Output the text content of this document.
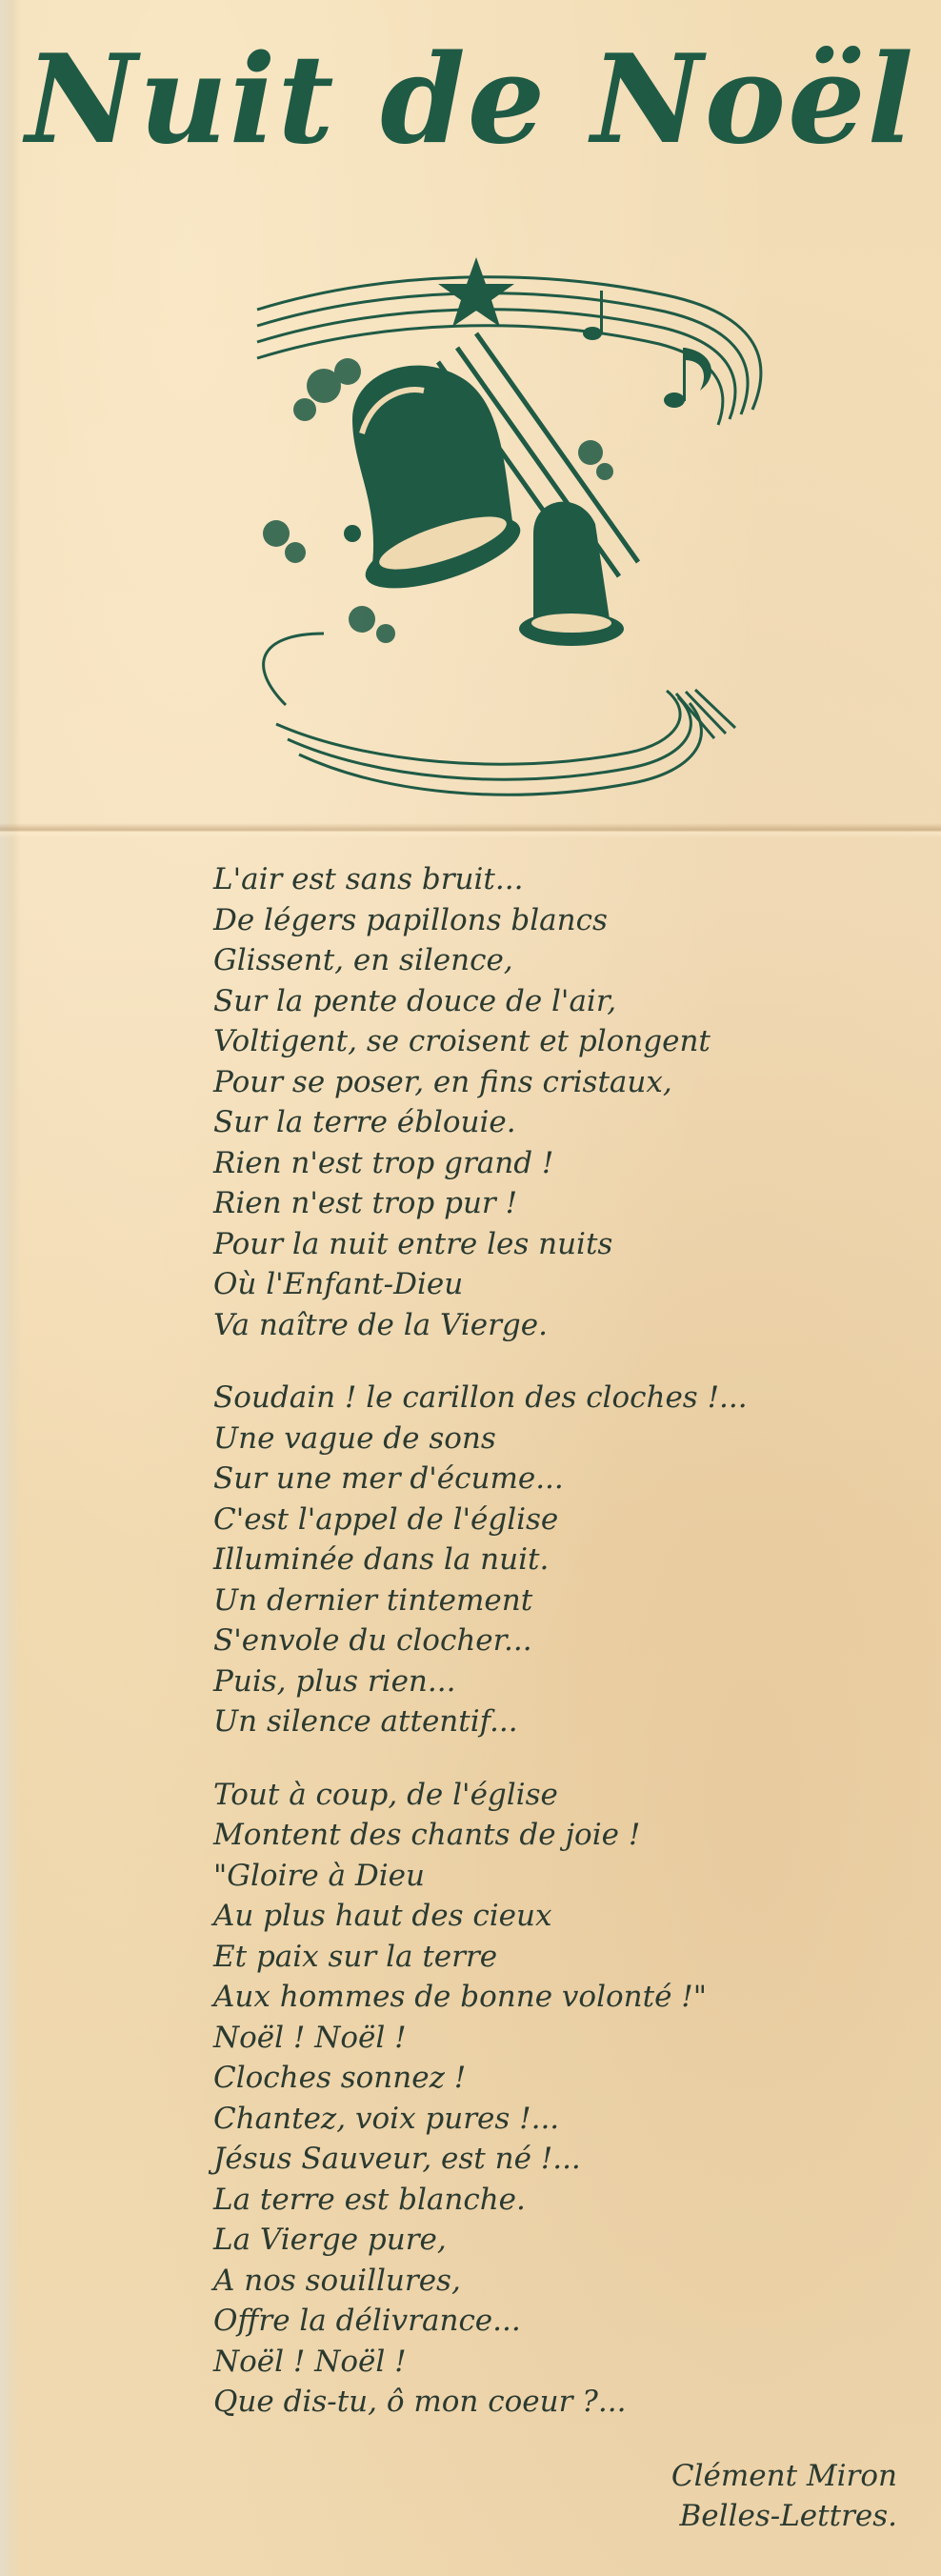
Nuit de Noël

L'air est sans bruit...
De légers papillons blancs
Glissent, en silence,
Sur la pente douce de l'air,
Voltigent, se croisent et plongent
Pour se poser, en fins cristaux,
Sur la terre éblouie.
Rien n'est trop grand !
Rien n'est trop pur !
Pour la nuit entre les nuits
Où l'Enfant-Dieu
Va naître de la Vierge.

Soudain ! le carillon des cloches !...
Une vague de sons
Sur une mer d'écume...
C'est l'appel de l'église
Illuminée dans la nuit.
Un dernier tintement
S'envole du clocher...
Puis, plus rien...
Un silence attentif...

Tout à coup, de l'église
Montent des chants de joie !
"Gloire à Dieu
Au plus haut des cieux
Et paix sur la terre
Aux hommes de bonne volonté !"
Noël ! Noël !
Cloches sonnez !
Chantez, voix pures !...
Jésus Sauveur, est né !...
La terre est blanche.
La Vierge pure,
A nos souillures,
Offre la délivrance...
Noël ! Noël !
Que dis-tu, ô mon coeur ?...

Clément Miron
Belles-Lettres.
